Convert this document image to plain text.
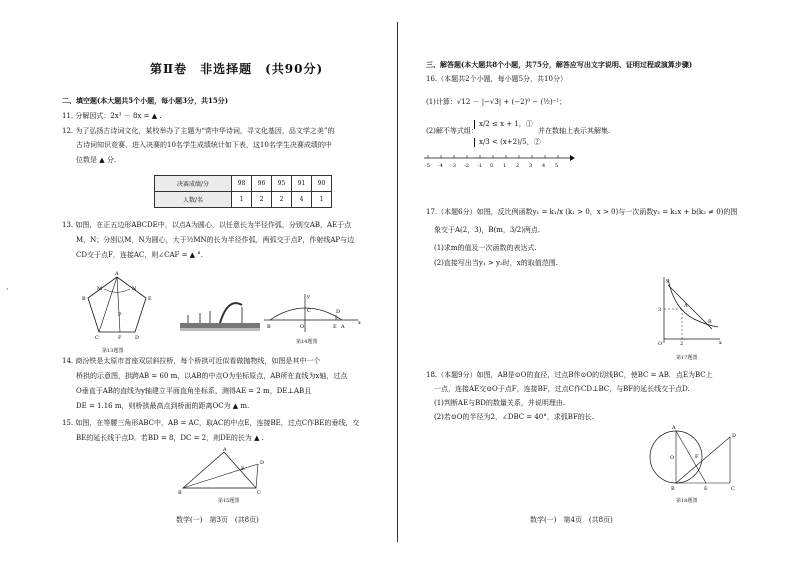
·
第Ⅱ卷　非选择题　(共90分)
二、填空题(本大题共5个小题，每小题3分，共15分)
11. 分解因式：2x³ － 8x = ▲ .
12. 为了弘扬古诗词文化，某校举办了主题为“赏中华诗词，寻文化基因，品文学之美”的
古诗词知识竞赛，进入决赛的10名学生成绩统计如下表，这10名学生决赛成绩的中
位数是 ▲ 分.
决赛成绩/分	98	96	95	91	90
人数/名	1	2	2	4	1
13. 如图，在正五边形ABCDE中，以点A为圆心，以任意长为半径作弧，分别交AB，AE于点
M，N；分别以M，N为圆心，大于½MN的长为半径作弧，两弧交于点P，作射线AP与边
CD交于点F，连接AC，则∠CAF = ▲ °.
A
B
C	D
E
M	N
P
F
第13题图
y
C	D
E A
B	O
x
第14题图
14. 商汾铁是太原市首座双层斜拉桥，每个桥拱可近似看做抛物线，如图是其中一个
桥拱的示意图，拱跨AB = 60 m，以AB的中点O为坐标原点，AB所在直线为x轴，过点
O垂直于AB的直线为y轴建立平面直角坐标系，测得AE = 2 m，DE⊥AB且
DE = 1.16 m，则桥拱最高点到桥面的距离OC为 ▲ m.
15. 如图，在等腰三角形ABC中，AB = AC，取AC的中点E，连接BE，过点C作BE的垂线，交
BE的延长线于点D．若BD = 8，DC = 2，则DE的长为 ▲ .
A
B	C
D
E
第15题图
数学(一)　第3页　(共8页)
三、解答题(本大题共8个小题，共75分，解答应写出文字说明、证明过程或演算步骤)
16.（本题共2个小题，每小题5分，共10分）
(1)计算：√12 － |−√3| + (−2)⁰ − (½)⁻¹；
(2)解不等式组：
x/2 ≤ x + 1，①
x/3 < (x+2)/5，②
并在数轴上表示其解集.
-5 -4 -3 -2 -1 0 1 2 3 4 5
17.（本题6分）如图，反比例函数y₁ = k₁/x (k₁ > 0，x > 0)与一次函数y₂ = k₂x + b(k₂ ≠ 0)的图
象交于A(2，3)，B(m，3/2)两点.
(1)求m的值及一次函数的表达式.
(2)直接写出当y₁ > y₂时，x的取值范围.
y
A
B
3
O	2	x
第17题图
18.（本题9分）如图，AB是⊙O的直径，过点B作⊙O的切线BC，使BC = AB．点E为BC上
一点，连接AE交⊙O于点F，连接BF，过点C作CD⊥BC，与BF的延长线交于点D.
(1)判断AE与BD的数量关系，并说明理由.
(2)若⊙O的半径为2，∠DBC = 40°，求弧BF的长.
A
O	F
D
B	E	C
第18题图
数学(一)　第4页　(共8页)
